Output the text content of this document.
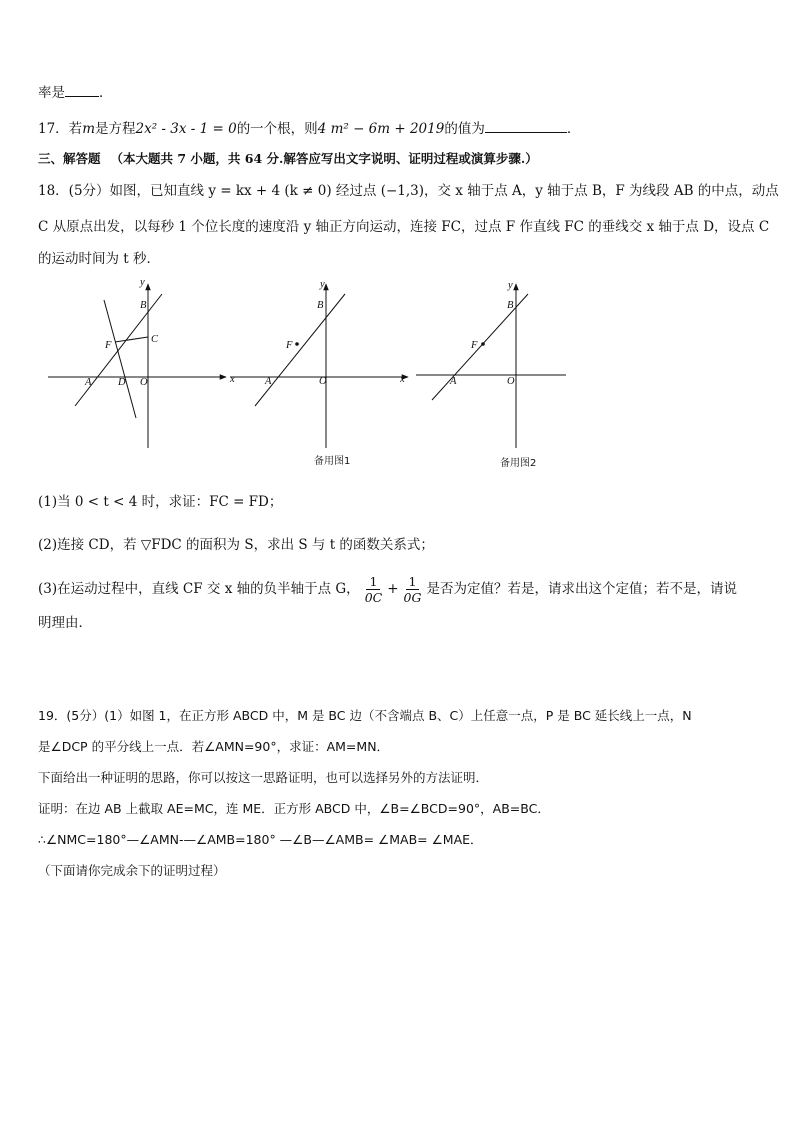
率是	．
17．若m是方程2x² - 3x - 1 = 0的一个根，则4 m² − 6m + 2019的值为	．
三、解答题 （本大题共 7 小题，共 64 分.解答应写出文字说明、证明过程或演算步骤.）
18．(5分）如图，已知直线 y = kx + 4 (k ≠ 0) 经过点 (−1,3)，交 x 轴于点 A，y 轴于点 B，F 为线段 AB 的中点，动点
C 从原点出发，以每秒 1 个位长度的速度沿 y 轴正方向运动，连接 FC，过点 F 作直线 FC 的垂线交 x 轴于点 D，设点 C
的运动时间为 t 秒．
y
x
B
C
F
A	D O
y
x
B
F
A	O
备用图1
y
B
F
A	O
备用图2
(1)当 0 < t < 4 时，求证：FC = FD；
(2)连接 CD，若 ▽FDC 的面积为 S，求出 S 与 t 的函数关系式；
(3)在运动过程中，直线 CF 交 x 轴的负半轴于点 G， $\frac{1}{0C} + \frac{1}{0G}$ 是否为定值？若是，请求出这个定值；若不是，请说
明理由．
19．(5分）(1）如图 1，在正方形 ABCD 中，M 是 BC 边（不含端点 B、C）上任意一点，P 是 BC 延长线上一点，N
是∠DCP 的平分线上一点．若∠AMN=90°，求证：AM=MN．
下面给出一种证明的思路，你可以按这一思路证明，也可以选择另外的方法证明．
证明：在边 AB 上截取 AE=MC，连 ME．正方形 ABCD 中，∠B=∠BCD=90°，AB=BC．
∴∠NMC=180°—∠AMN-—∠AMB=180° —∠B—∠AMB= ∠MAB= ∠MAE．
（下面请你完成余下的证明过程）
